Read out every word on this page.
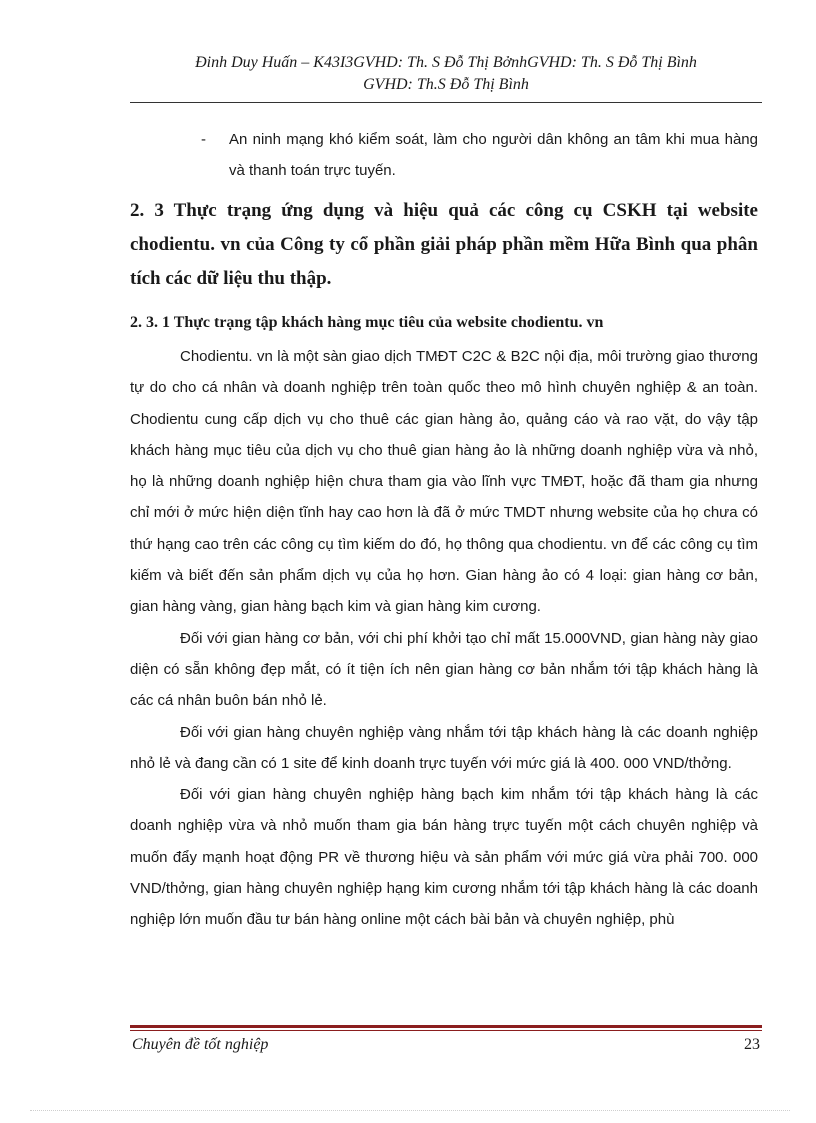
Đinh Duy Huấn – K43I3GVHD: Th. S Đỗ Thị BởnhGVHD: Th. S Đỗ Thị Bình
GVHD: Th.S Đỗ Thị Bình
- An ninh mạng khó kiểm soát, làm cho người dân không an tâm khi mua hàng và thanh toán trực tuyến.
2. 3 Thực trạng ứng dụng và hiệu quả các công cụ CSKH tại website chodientu. vn của Công ty cổ phần giải pháp phần mềm Hữa Bình qua phân tích các dữ liệu thu thập.
2. 3. 1 Thực trạng tập khách hàng mục tiêu của website chodientu. vn

Chodientu. vn là một sàn giao dịch TMĐT C2C & B2C nội địa, môi trường giao thương tự do cho cá nhân và doanh nghiệp trên toàn quốc theo mô hình chuyên nghiệp & an toàn. Chodientu cung cấp dịch vụ cho thuê các gian hàng ảo, quảng cáo và rao vặt, do vậy tập khách hàng mục tiêu của dịch vụ cho thuê gian hàng ảo là những doanh nghiệp vừa và nhỏ, họ là những doanh nghiệp hiện chưa tham gia vào lĩnh vực TMĐT, hoặc đã tham gia nhưng chỉ mới ở mức hiện diện tĩnh hay cao hơn là đã ở mức TMDT nhưng website của họ chưa có thứ hạng cao trên các công cụ tìm kiếm do đó, họ thông qua chodientu. vn để các công cụ tìm kiếm và biết đến sản phẩm dịch vụ của họ hơn. Gian hàng ảo có 4 loại: gian hàng cơ bản, gian hàng vàng, gian hàng bạch kim và gian hàng kim cương.

Đối với gian hàng cơ bản, với chi phí khởi tạo chỉ mất 15.000VND, gian hàng này giao diện có sẵn không đẹp mắt, có ít tiện ích nên gian hàng cơ bản nhắm tới tập khách hàng là các cá nhân buôn bán nhỏ lẻ.

Đối với gian hàng chuyên nghiệp vàng nhắm tới tập khách hàng là các doanh nghiệp nhỏ lẻ và đang cần có 1 site để kinh doanh trực tuyến với mức giá là 400. 000 VND/thởng.

Đối với gian hàng chuyên nghiệp hàng bạch kim nhắm tới tập khách hàng là các doanh nghiệp vừa và nhỏ muốn tham gia bán hàng trực tuyến một cách chuyên nghiệp và muốn đẩy mạnh hoạt động PR về thương hiệu và sản phẩm với mức giá vừa phải 700. 000 VND/thởng, gian hàng chuyên nghiệp hạng kim cương nhắm tới tập khách hàng là các doanh nghiệp lớn muốn đầu tư bán hàng online một cách bài bản và chuyên nghiệp, phù

Chuyên đề tốt nghiệp	23
